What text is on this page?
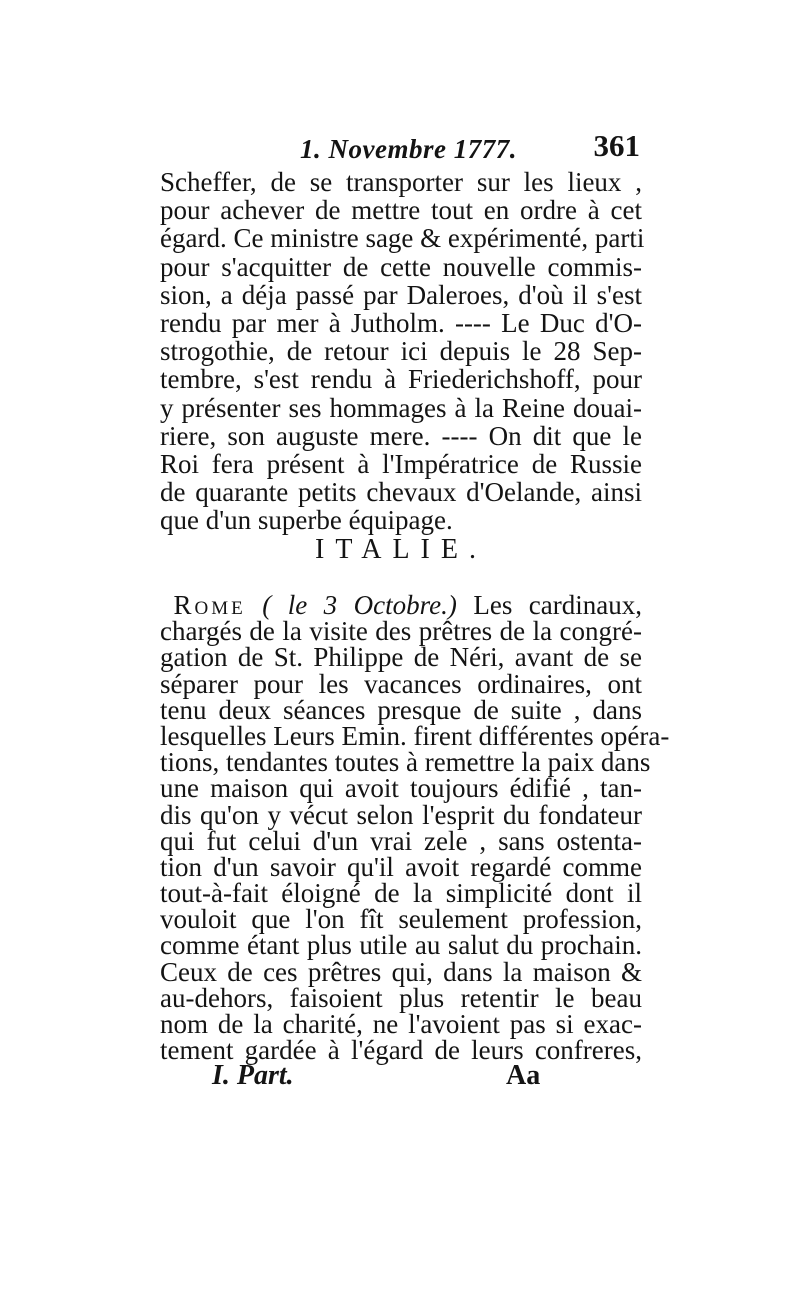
1. Novembre 1777. 361
Scheffer, de se transporter sur les lieux ,
pour achever de mettre tout en ordre à cet
égard. Ce ministre sage & expérimenté, parti
pour s'acquitter de cette nouvelle commis-
sion, a déja passé par Daleroes, d'où il s'est
rendu par mer à Jutholm. ---- Le Duc d'O-
strogothie, de retour ici depuis le 28 Sep-
tembre, s'est rendu à Friederichshoff, pour
y présenter ses hommages à la Reine douai-
riere, son auguste mere. ---- On dit que le
Roi fera présent à l'Impératrice de Russie
de quarante petits chevaux d'Oelande, ainsi
que d'un superbe équipage.
ITALIE.
 Rome ( le 3 Octobre.) Les cardinaux,
chargés de la visite des prêtres de la congré-
gation de St. Philippe de Néri, avant de se
séparer pour les vacances ordinaires, ont
tenu deux séances presque de suite , dans
lesquelles Leurs Emin. firent différentes opéra-
tions, tendantes toutes à remettre la paix dans
une maison qui avoit toujours édifié , tan-
dis qu'on y vécut selon l'esprit du fondateur
qui fut celui d'un vrai zele , sans ostenta-
tion d'un savoir qu'il avoit regardé comme
tout-à-fait éloigné de la simplicité dont il
vouloit que l'on fît seulement profession,
comme étant plus utile au salut du prochain.
Ceux de ces prêtres qui, dans la maison &
au-dehors, faisoient plus retentir le beau
nom de la charité, ne l'avoient pas si exac-
tement gardée à l'égard de leurs confreres,
I. Part.	Aa
